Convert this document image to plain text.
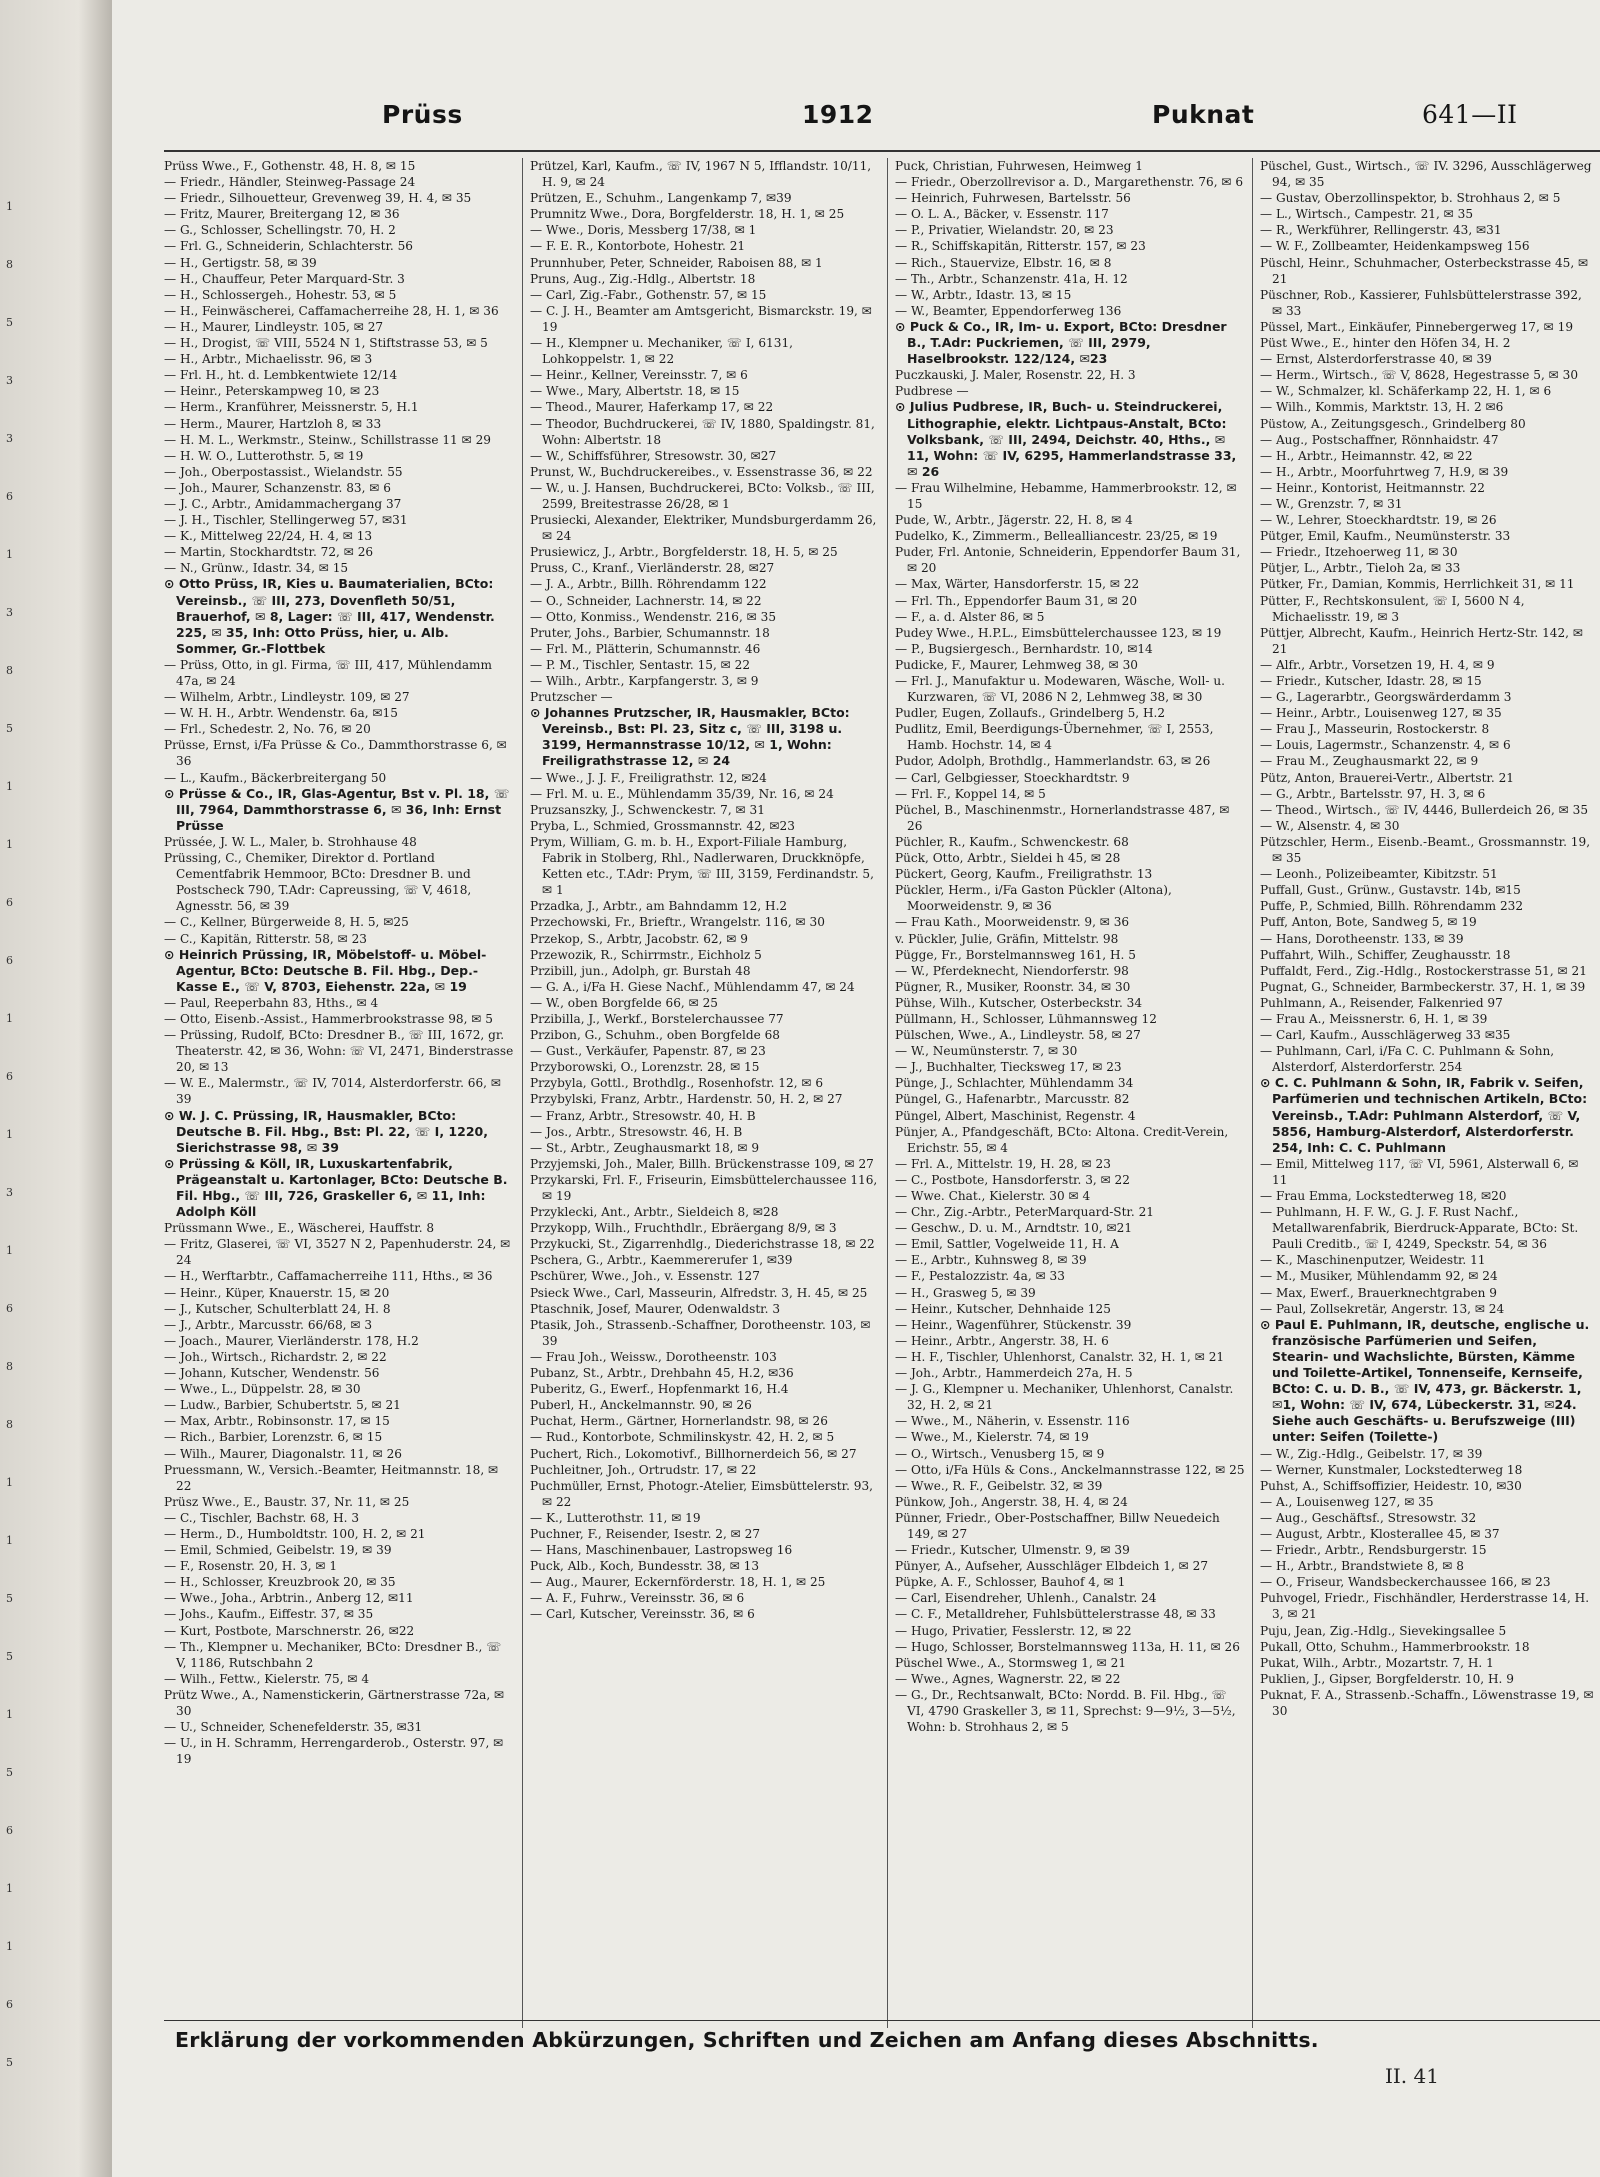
1
8
5
3
3
6
1
3
8
5
1
1
6
6
1
6
1
3
1
6
8
8
1
1
5
5
1
5
6
1
1
6
5
Prüss	1912	Puknat	641—II
Prüss Wwe., F., Gothenstr. 48, H. 8, ✉ 15
— Friedr., Händler, Steinweg-Passage 24
— Friedr., Silhouetteur, Grevenweg 39, H. 4, ✉ 35
— Fritz, Maurer, Breitergang 12, ✉ 36
— G., Schlosser, Schellingstr. 70, H. 2
— Frl. G., Schneiderin, Schlachterstr. 56
— H., Gertigstr. 58, ✉ 39
— H., Chauffeur, Peter Marquard-Str. 3
— H., Schlossergeh., Hohestr. 53, ✉ 5
— H., Feinwäscherei, Caffamacherreihe 28, H. 1, ✉ 36
— H., Maurer, Lindleystr. 105, ✉ 27
— H., Drogist, ☏ VIII, 5524 N 1, Stiftstrasse 53, ✉ 5
— H., Arbtr., Michaelisstr. 96, ✉ 3
— Frl. H., ht. d. Lembkentwiete 12/14
— Heinr., Peterskampweg 10, ✉ 23
— Herm., Kranführer, Meissnerstr. 5, H.1
— Herm., Maurer, Hartzloh 8, ✉ 33
— H. M. L., Werkmstr., Steinw., Schillstrasse 11 ✉ 29
— H. W. O., Lutterothstr. 5, ✉ 19
— Joh., Oberpostassist., Wielandstr. 55
— Joh., Maurer, Schanzenstr. 83, ✉ 6
— J. C., Arbtr., Amidammachergang 37
— J. H., Tischler, Stellingerweg 57, ✉31
— K., Mittelweg 22/24, H. 4, ✉ 13
— Martin, Stockhardtstr. 72, ✉ 26
— N., Grünw., Idastr. 34, ✉ 15
⊙ Otto Prüss, IR, Kies u. Baumaterialien, BCto: Vereinsb., ☏ III, 273, Dovenfleth 50/51, Brauerhof, ✉ 8, Lager: ☏ III, 417, Wendenstr. 225, ✉ 35, Inh: Otto Prüss, hier, u. Alb. Sommer, Gr.-Flottbek
— Prüss, Otto, in gl. Firma, ☏ III, 417, Mühlendamm 47a, ✉ 24
— Wilhelm, Arbtr., Lindleystr. 109, ✉ 27
— W. H. H., Arbtr. Wendenstr. 6a, ✉15
— Frl., Schedestr. 2, No. 76, ✉ 20
Prüsse, Ernst, i/Fa Prüsse & Co., Dammthorstrasse 6, ✉ 36
— L., Kaufm., Bäckerbreitergang 50
⊙ Prüsse & Co., IR, Glas-Agentur, Bst v. Pl. 18, ☏ III, 7964, Dammthorstrasse 6, ✉ 36, Inh: Ernst Prüsse
Prüssée, J. W. L., Maler, b. Strohhause 48
Prüssing, C., Chemiker, Direktor d. Portland Cementfabrik Hemmoor, BCto: Dresdner B. und Postscheck 790, T.Adr: Capreussing, ☏ V, 4618, Agnesstr. 56, ✉ 39
— C., Kellner, Bürgerweide 8, H. 5, ✉25
— C., Kapitän, Ritterstr. 58, ✉ 23
⊙ Heinrich Prüssing, IR, Möbelstoff- u. Möbel-Agentur, BCto: Deutsche B. Fil. Hbg., Dep.-Kasse E., ☏ V, 8703, Eiehenstr. 22a, ✉ 19
— Paul, Reeperbahn 83, Hths., ✉ 4
— Otto, Eisenb.-Assist., Hammerbrookstrasse 98, ✉ 5
— Prüssing, Rudolf, BCto: Dresdner B., ☏ III, 1672, gr. Theaterstr. 42, ✉ 36, Wohn: ☏ VI, 2471, Binderstrasse 20, ✉ 13
— W. E., Malermstr., ☏ IV, 7014, Alsterdorferstr. 66, ✉ 39
⊙ W. J. C. Prüssing, IR, Hausmakler, BCto: Deutsche B. Fil. Hbg., Bst: Pl. 22, ☏ I, 1220, Sierichstrasse 98, ✉ 39
⊙ Prüssing & Köll, IR, Luxuskartenfabrik, Prägeanstalt u. Kartonlager, BCto: Deutsche B. Fil. Hbg., ☏ III, 726, Graskeller 6, ✉ 11, Inh: Adolph Köll
Prüssmann Wwe., E., Wäscherei, Hauffstr. 8
— Fritz, Glaserei, ☏ VI, 3527 N 2, Papenhuderstr. 24, ✉ 24
— H., Werftarbtr., Caffamacherreihe 111, Hths., ✉ 36
— Heinr., Küper, Knauerstr. 15, ✉ 20
— J., Kutscher, Schulterblatt 24, H. 8
— J., Arbtr., Marcusstr. 66/68, ✉ 3
— Joach., Maurer, Vierländerstr. 178, H.2
— Joh., Wirtsch., Richardstr. 2, ✉ 22
— Johann, Kutscher, Wendenstr. 56
— Wwe., L., Düppelstr. 28, ✉ 30
— Ludw., Barbier, Schubertstr. 5, ✉ 21
— Max, Arbtr., Robinsonstr. 17, ✉ 15
— Rich., Barbier, Lorenzstr. 6, ✉ 15
— Wilh., Maurer, Diagonalstr. 11, ✉ 26
Pruessmann, W., Versich.-Beamter, Heitmannstr. 18, ✉ 22
Prüsz Wwe., E., Baustr. 37, Nr. 11, ✉ 25
— C., Tischler, Bachstr. 68, H. 3
— Herm., D., Humboldtstr. 100, H. 2, ✉ 21
— Emil, Schmied, Geibelstr. 19, ✉ 39
— F., Rosenstr. 20, H. 3, ✉ 1
— H., Schlosser, Kreuzbrook 20, ✉ 35
— Wwe., Joha., Arbtrin., Anberg 12, ✉11
— Johs., Kaufm., Eiffestr. 37, ✉ 35
— Kurt, Postbote, Marschnerstr. 26, ✉22
— Th., Klempner u. Mechaniker, BCto: Dresdner B., ☏ V, 1186, Rutschbahn 2
— Wilh., Fettw., Kielerstr. 75, ✉ 4
Prütz Wwe., A., Namenstickerin, Gärtnerstrasse 72a, ✉ 30
— U., Schneider, Schenefelderstr. 35, ✉31
— U., in H. Schramm, Herrengarderob., Osterstr. 97, ✉ 19
Prützel, Karl, Kaufm., ☏ IV, 1967 N 5, Ifflandstr. 10/11, H. 9, ✉ 24
Prützen, E., Schuhm., Langenkamp 7, ✉39
Prumnitz Wwe., Dora, Borgfelderstr. 18, H. 1, ✉ 25
— Wwe., Doris, Messberg 17/38, ✉ 1
— F. E. R., Kontorbote, Hohestr. 21
Prunnhuber, Peter, Schneider, Raboisen 88, ✉ 1
Pruns, Aug., Zig.-Hdlg., Albertstr. 18
— Carl, Zig.-Fabr., Gothenstr. 57, ✉ 15
— C. J. H., Beamter am Amtsgericht, Bismarckstr. 19, ✉ 19
— H., Klempner u. Mechaniker, ☏ I, 6131, Lohkoppelstr. 1, ✉ 22
— Heinr., Kellner, Vereinsstr. 7, ✉ 6
— Wwe., Mary, Albertstr. 18, ✉ 15
— Theod., Maurer, Haferkamp 17, ✉ 22
— Theodor, Buchdruckerei, ☏ IV, 1880, Spaldingstr. 81, Wohn: Albertstr. 18
— W., Schiffsführer, Stresowstr. 30, ✉27
Prunst, W., Buchdruckereibes., v. Essenstrasse 36, ✉ 22
— W., u. J. Hansen, Buchdruckerei, BCto: Volksb., ☏ III, 2599, Breitestrasse 26/28, ✉ 1
Prusiecki, Alexander, Elektriker, Mundsburgerdamm 26, ✉ 24
Prusiewicz, J., Arbtr., Borgfelderstr. 18, H. 5, ✉ 25
Pruss, C., Kranf., Vierländerstr. 28, ✉27
— J. A., Arbtr., Billh. Röhrendamm 122
— O., Schneider, Lachnerstr. 14, ✉ 22
— Otto, Konmiss., Wendenstr. 216, ✉ 35
Pruter, Johs., Barbier, Schumannstr. 18
— Frl. M., Plätterin, Schumannstr. 46
— P. M., Tischler, Sentastr. 15, ✉ 22
— Wilh., Arbtr., Karpfangerstr. 3, ✉ 9
Prutzscher —
⊙ Johannes Prutzscher, IR, Hausmakler, BCto: Vereinsb., Bst: Pl. 23, Sitz c, ☏ III, 3198 u. 3199, Hermannstrasse 10/12, ✉ 1, Wohn: Freiligrathstrasse 12, ✉ 24
— Wwe., J. J. F., Freiligrathstr. 12, ✉24
— Frl. M. u. E., Mühlendamm 35/39, Nr. 16, ✉ 24
Pruzsanszky, J., Schwenckestr. 7, ✉ 31
Pryba, L., Schmied, Grossmannstr. 42, ✉23
Prym, William, G. m. b. H., Export-Filiale Hamburg, Fabrik in Stolberg, Rhl., Nadlerwaren, Druckknöpfe, Ketten etc., T.Adr: Prym, ☏ III, 3159, Ferdinandstr. 5, ✉ 1
Przadka, J., Arbtr., am Bahndamm 12, H.2
Przechowski, Fr., Brieftr., Wrangelstr. 116, ✉ 30
Przekop, S., Arbtr, Jacobstr. 62, ✉ 9
Przewozik, R., Schirrmstr., Eichholz 5
Przibill, jun., Adolph, gr. Burstah 48
— G. A., i/Fa H. Giese Nachf., Mühlendamm 47, ✉ 24
— W., oben Borgfelde 66, ✉ 25
Przibilla, J., Werkf., Borstelerchaussee 77
Przibon, G., Schuhm., oben Borgfelde 68
— Gust., Verkäufer, Papenstr. 87, ✉ 23
Przyborowski, O., Lorenzstr. 28, ✉ 15
Przybyla, Gottl., Brothdlg., Rosenhofstr. 12, ✉ 6
Przybylski, Franz, Arbtr., Hardenstr. 50, H. 2, ✉ 27
— Franz, Arbtr., Stresowstr. 40, H. B
— Jos., Arbtr., Stresowstr. 46, H. B
— St., Arbtr., Zeughausmarkt 18, ✉ 9
Przyjemski, Joh., Maler, Billh. Brückenstrasse 109, ✉ 27
Przykarski, Frl. F., Friseurin, Eimsbüttelerchaussee 116, ✉ 19
Przyklecki, Ant., Arbtr., Sieldeich 8, ✉28
Przykopp, Wilh., Fruchthdlr., Ebräergang 8/9, ✉ 3
Przykucki, St., Zigarrenhdlg., Diederichstrasse 18, ✉ 22
Pschera, G., Arbtr., Kaemmererufer 1, ✉39
Pschürer, Wwe., Joh., v. Essenstr. 127
Psieck Wwe., Carl, Masseurin, Alfredstr. 3, H. 45, ✉ 25
Ptaschnik, Josef, Maurer, Odenwaldstr. 3
Ptasik, Joh., Strassenb.-Schaffner, Dorotheenstr. 103, ✉ 39
— Frau Joh., Weissw., Dorotheenstr. 103
Pubanz, St., Arbtr., Drehbahn 45, H.2, ✉36
Puberitz, G., Ewerf., Hopfenmarkt 16, H.4
Puberl, H., Anckelmannstr. 90, ✉ 26
Puchat, Herm., Gärtner, Hornerlandstr. 98, ✉ 26
— Rud., Kontorbote, Schmilinskystr. 42, H. 2, ✉ 5
Puchert, Rich., Lokomotivf., Billhornerdeich 56, ✉ 27
Puchleitner, Joh., Ortrudstr. 17, ✉ 22
Puchmüller, Ernst, Photogr.-Atelier, Eimsbüttelerstr. 93, ✉ 22
— K., Lutterothstr. 11, ✉ 19
Puchner, F., Reisender, Isestr. 2, ✉ 27
— Hans, Maschinenbauer, Lastropsweg 16
Puck, Alb., Koch, Bundesstr. 38, ✉ 13
— Aug., Maurer, Eckernförderstr. 18, H. 1, ✉ 25
— A. F., Fuhrw., Vereinsstr. 36, ✉ 6
— Carl, Kutscher, Vereinsstr. 36, ✉ 6
Puck, Christian, Fuhrwesen, Heimweg 1
— Friedr., Oberzollrevisor a. D., Margarethenstr. 76, ✉ 6
— Heinrich, Fuhrwesen, Bartelsstr. 56
— O. L. A., Bäcker, v. Essenstr. 117
— P., Privatier, Wielandstr. 20, ✉ 23
— R., Schiffskapitän, Ritterstr. 157, ✉ 23
— Rich., Stauervize, Elbstr. 16, ✉ 8
— Th., Arbtr., Schanzenstr. 41a, H. 12
— W., Arbtr., Idastr. 13, ✉ 15
— W., Beamter, Eppendorferweg 136
⊙ Puck & Co., IR, Im- u. Export, BCto: Dresdner B., T.Adr: Puckriemen, ☏ III, 2979, Haselbrookstr. 122/124, ✉23
Puczkauski, J. Maler, Rosenstr. 22, H. 3
Pudbrese —
⊙ Julius Pudbrese, IR, Buch- u. Steindruckerei, Lithographie, elektr. Lichtpaus-Anstalt, BCto: Volksbank, ☏ III, 2494, Deichstr. 40, Hths., ✉ 11, Wohn: ☏ IV, 6295, Hammerlandstrasse 33, ✉ 26
— Frau Wilhelmine, Hebamme, Hammerbrookstr. 12, ✉ 15
Pude, W., Arbtr., Jägerstr. 22, H. 8, ✉ 4
Pudelko, K., Zimmerm., Bellealliancestr. 23/25, ✉ 19
Puder, Frl. Antonie, Schneiderin, Eppendorfer Baum 31, ✉ 20
— Max, Wärter, Hansdorferstr. 15, ✉ 22
— Frl. Th., Eppendorfer Baum 31, ✉ 20
— F., a. d. Alster 86, ✉ 5
Pudey Wwe., H.P.L., Eimsbüttelerchaussee 123, ✉ 19
— P., Bugsiergesch., Bernhardstr. 10, ✉14
Pudicke, F., Maurer, Lehmweg 38, ✉ 30
— Frl. J., Manufaktur u. Modewaren, Wäsche, Woll- u. Kurzwaren, ☏ VI, 2086 N 2, Lehmweg 38, ✉ 30
Pudler, Eugen, Zollaufs., Grindelberg 5, H.2
Pudlitz, Emil, Beerdigungs-Übernehmer, ☏ I, 2553, Hamb. Hochstr. 14, ✉ 4
Pudor, Adolph, Brothdlg., Hammerlandstr. 63, ✉ 26
— Carl, Gelbgiesser, Stoeckhardtstr. 9
— Frl. F., Koppel 14, ✉ 5
Püchel, B., Maschinenmstr., Hornerlandstrasse 487, ✉ 26
Püchler, R., Kaufm., Schwenckestr. 68
Pück, Otto, Arbtr., Sieldei h 45, ✉ 28
Pückert, Georg, Kaufm., Freiligrathstr. 13
Pückler, Herm., i/Fa Gaston Pückler (Altona), Moorweidenstr. 9, ✉ 36
— Frau Kath., Moorweidenstr. 9, ✉ 36
v. Pückler, Julie, Gräfin, Mittelstr. 98
Pügge, Fr., Borstelmannsweg 161, H. 5
— W., Pferdeknecht, Niendorferstr. 98
Pügner, R., Musiker, Roonstr. 34, ✉ 30
Pühse, Wilh., Kutscher, Osterbeckstr. 34
Püllmann, H., Schlosser, Lühmannsweg 12
Pülschen, Wwe., A., Lindleystr. 58, ✉ 27
— W., Neumünsterstr. 7, ✉ 30
— J., Buchhalter, Tiecksweg 17, ✉ 23
Pünge, J., Schlachter, Mühlendamm 34
Püngel, G., Hafenarbtr., Marcusstr. 82
Püngel, Albert, Maschinist, Regenstr. 4
Pünjer, A., Pfandgeschäft, BCto: Altona. Credit-Verein, Erichstr. 55, ✉ 4
— Frl. A., Mittelstr. 19, H. 28, ✉ 23
— C., Postbote, Hansdorferstr. 3, ✉ 22
— Wwe. Chat., Kielerstr. 30 ✉ 4
— Chr., Zig.-Arbtr., PeterMarquard-Str. 21
— Geschw., D. u. M., Arndtstr. 10, ✉21
— Emil, Sattler, Vogelweide 11, H. A
— E., Arbtr., Kuhnsweg 8, ✉ 39
— F., Pestalozzistr. 4a, ✉ 33
— H., Grasweg 5, ✉ 39
— Heinr., Kutscher, Dehnhaide 125
— Heinr., Wagenführer, Stückenstr. 39
— Heinr., Arbtr., Angerstr. 38, H. 6
— H. F., Tischler, Uhlenhorst, Canalstr. 32, H. 1, ✉ 21
— Joh., Arbtr., Hammerdeich 27a, H. 5
— J. G., Klempner u. Mechaniker, Uhlenhorst, Canalstr. 32, H. 2, ✉ 21
— Wwe., M., Näherin, v. Essenstr. 116
— Wwe., M., Kielerstr. 74, ✉ 19
— O., Wirtsch., Venusberg 15, ✉ 9
— Otto, i/Fa Hüls & Cons., Anckelmannstrasse 122, ✉ 25
— Wwe., R. F., Geibelstr. 32, ✉ 39
Pünkow, Joh., Angerstr. 38, H. 4, ✉ 24
Pünner, Friedr., Ober-Postschaffner, Billw Neuedeich 149, ✉ 27
— Friedr., Kutscher, Ulmenstr. 9, ✉ 39
Pünyer, A., Aufseher, Ausschläger Elbdeich 1, ✉ 27
Püpke, A. F., Schlosser, Bauhof 4, ✉ 1
— Carl, Eisendreher, Uhlenh., Canalstr. 24
— C. F., Metalldreher, Fuhlsbüttelerstrasse 48, ✉ 33
— Hugo, Privatier, Fesslerstr. 12, ✉ 22
— Hugo, Schlosser, Borstelmannsweg 113a, H. 11, ✉ 26
Püschel Wwe., A., Stormsweg 1, ✉ 21
— Wwe., Agnes, Wagnerstr. 22, ✉ 22
— G., Dr., Rechtsanwalt, BCto: Nordd. B. Fil. Hbg., ☏ VI, 4790 Graskeller 3, ✉ 11, Sprechst: 9—9½, 3—5½, Wohn: b. Strohhaus 2, ✉ 5
Püschel, Gust., Wirtsch., ☏ IV. 3296, Ausschlägerweg 94, ✉ 35
— Gustav, Oberzollinspektor, b. Strohhaus 2, ✉ 5
— L., Wirtsch., Campestr. 21, ✉ 35
— R., Werkführer, Rellingerstr. 43, ✉31
— W. F., Zollbeamter, Heidenkampsweg 156
Püschl, Heinr., Schuhmacher, Osterbeckstrasse 45, ✉ 21
Püschner, Rob., Kassierer, Fuhlsbüttelerstrasse 392, ✉ 33
Püssel, Mart., Einkäufer, Pinnebergerweg 17, ✉ 19
Püst Wwe., E., hinter den Höfen 34, H. 2
— Ernst, Alsterdorferstrasse 40, ✉ 39
— Herm., Wirtsch., ☏ V, 8628, Hegestrasse 5, ✉ 30
— W., Schmalzer, kl. Schäferkamp 22, H. 1, ✉ 6
— Wilh., Kommis, Marktstr. 13, H. 2 ✉6
Püstow, A., Zeitungsgesch., Grindelberg 80
— Aug., Postschaffner, Rönnhaidstr. 47
— H., Arbtr., Heimannstr. 42, ✉ 22
— H., Arbtr., Moorfuhrtweg 7, H.9, ✉ 39
— Heinr., Kontorist, Heitmannstr. 22
— W., Grenzstr. 7, ✉ 31
— W., Lehrer, Stoeckhardtstr. 19, ✉ 26
Pütger, Emil, Kaufm., Neumünsterstr. 33
— Friedr., Itzehoerweg 11, ✉ 30
Pütjer, L., Arbtr., Tieloh 2a, ✉ 33
Pütker, Fr., Damian, Kommis, Herrlichkeit 31, ✉ 11
Pütter, F., Rechtskonsulent, ☏ I, 5600 N 4, Michaelisstr. 19, ✉ 3
Püttjer, Albrecht, Kaufm., Heinrich Hertz-Str. 142, ✉ 21
— Alfr., Arbtr., Vorsetzen 19, H. 4, ✉ 9
— Friedr., Kutscher, Idastr. 28, ✉ 15
— G., Lagerarbtr., Georgswärderdamm 3
— Heinr., Arbtr., Louisenweg 127, ✉ 35
— Frau J., Masseurin, Rostockerstr. 8
— Louis, Lagermstr., Schanzenstr. 4, ✉ 6
— Frau M., Zeughausmarkt 22, ✉ 9
Pütz, Anton, Brauerei-Vertr., Albertstr. 21
— G., Arbtr., Bartelsstr. 97, H. 3, ✉ 6
— Theod., Wirtsch., ☏ IV, 4446, Bullerdeich 26, ✉ 35
— W., Alsenstr. 4, ✉ 30
Pützschler, Herm., Eisenb.-Beamt., Grossmannstr. 19, ✉ 35
— Leonh., Polizeibeamter, Kibitzstr. 51
Puffall, Gust., Grünw., Gustavstr. 14b, ✉15
Puffe, P., Schmied, Billh. Röhrendamm 232
Puff, Anton, Bote, Sandweg 5, ✉ 19
— Hans, Dorotheenstr. 133, ✉ 39
Puffahrt, Wilh., Schiffer, Zeughausstr. 18
Puffaldt, Ferd., Zig.-Hdlg., Rostockerstrasse 51, ✉ 21
Pugnat, G., Schneider, Barmbeckerstr. 37, H. 1, ✉ 39
Puhlmann, A., Reisender, Falkenried 97
— Frau A., Meissnerstr. 6, H. 1, ✉ 39
— Carl, Kaufm., Ausschlägerweg 33 ✉35
— Puhlmann, Carl, i/Fa C. C. Puhlmann & Sohn, Alsterdorf, Alsterdorferstr. 254
⊙ C. C. Puhlmann & Sohn, IR, Fabrik v. Seifen, Parfümerien und technischen Artikeln, BCto: Vereinsb., T.Adr: Puhlmann Alsterdorf, ☏ V, 5856, Hamburg-Alsterdorf, Alsterdorferstr. 254, Inh: C. C. Puhlmann
— Emil, Mittelweg 117, ☏ VI, 5961, Alsterwall 6, ✉ 11
— Frau Emma, Lockstedterweg 18, ✉20
— Puhlmann, H. F. W., G. J. F. Rust Nachf., Metallwarenfabrik, Bierdruck-Apparate, BCto: St. Pauli Creditb., ☏ I, 4249, Speckstr. 54, ✉ 36
— K., Maschinenputzer, Weidestr. 11
— M., Musiker, Mühlendamm 92, ✉ 24
— Max, Ewerf., Brauerknechtgraben 9
— Paul, Zollsekretär, Angerstr. 13, ✉ 24
⊙ Paul E. Puhlmann, IR, deutsche, englische u. französische Parfümerien und Seifen, Stearin- und Wachslichte, Bürsten, Kämme und Toilette-Artikel, Tonnenseife, Kernseife, BCto: C. u. D. B., ☏ IV, 473, gr. Bäckerstr. 1, ✉1, Wohn: ☏ IV, 674, Lübeckerstr. 31, ✉24. Siehe auch Geschäfts- u. Berufszweige (III) unter: Seifen (Toilette-)
— W., Zig.-Hdlg., Geibelstr. 17, ✉ 39
— Werner, Kunstmaler, Lockstedterweg 18
Puhst, A., Schiffsoffizier, Heidestr. 10, ✉30
— A., Louisenweg 127, ✉ 35
— Aug., Geschäftsf., Stresowstr. 32
— August, Arbtr., Klosterallee 45, ✉ 37
— Friedr., Arbtr., Rendsburgerstr. 15
— H., Arbtr., Brandstwiete 8, ✉ 8
— O., Friseur, Wandsbeckerchaussee 166, ✉ 23
Puhvogel, Friedr., Fischhändler, Herderstrasse 14, H. 3, ✉ 21
Puju, Jean, Zig.-Hdlg., Sievekingsallee 5
Pukall, Otto, Schuhm., Hammerbrookstr. 18
Pukat, Wilh., Arbtr., Mozartstr. 7, H. 1
Puklien, J., Gipser, Borgfelderstr. 10, H. 9
Puknat, F. A., Strassenb.-Schaffn., Löwenstrasse 19, ✉ 30
Erklärung der vorkommenden Abkürzungen, Schriften und Zeichen am Anfang dieses Abschnitts.
II. 41
